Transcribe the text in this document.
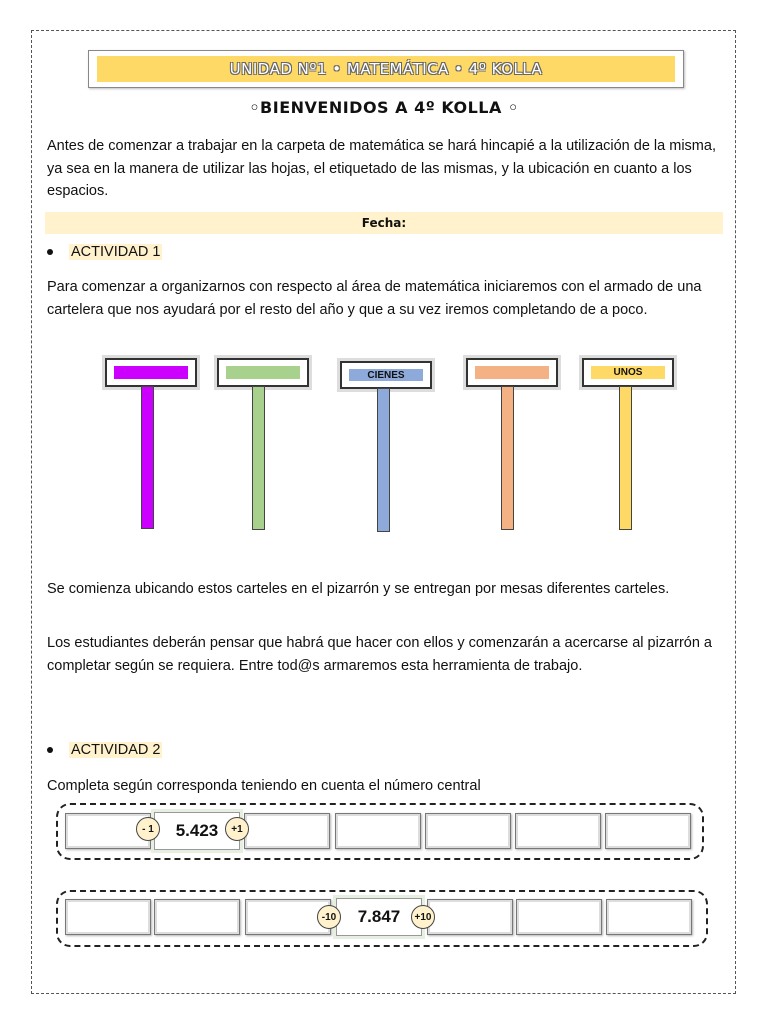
UNIDAD Nº1 • MATEMÁTICA • 4º KOLLA
◦BIENVENIDOS A 4º KOLLA ◦
Antes de comenzar a trabajar en la carpeta de matemática se hará hincapié a la utilización de la misma, ya sea en la manera de utilizar las hojas, el etiquetado de las mismas, y la ubicación en cuanto a los espacios.
Fecha:
ACTIVIDAD 1
Para comenzar a organizarnos con respecto al área de matemática iniciaremos con el armado de una cartelera que nos ayudará por el resto del año y que a su vez iremos completando de a poco.
CIENES	UNOS
Se comienza ubicando estos carteles en el pizarrón y se entregan por mesas diferentes carteles.
Los estudiantes deberán pensar que habrá que hacer con ellos y comenzarán a acercarse al pizarrón a completar según se requiera. Entre tod@s armaremos esta herramienta de trabajo.
ACTIVIDAD 2
Completa según corresponda teniendo en cuenta el número central
5.423
- 1	+1
7.847
-10	+10
